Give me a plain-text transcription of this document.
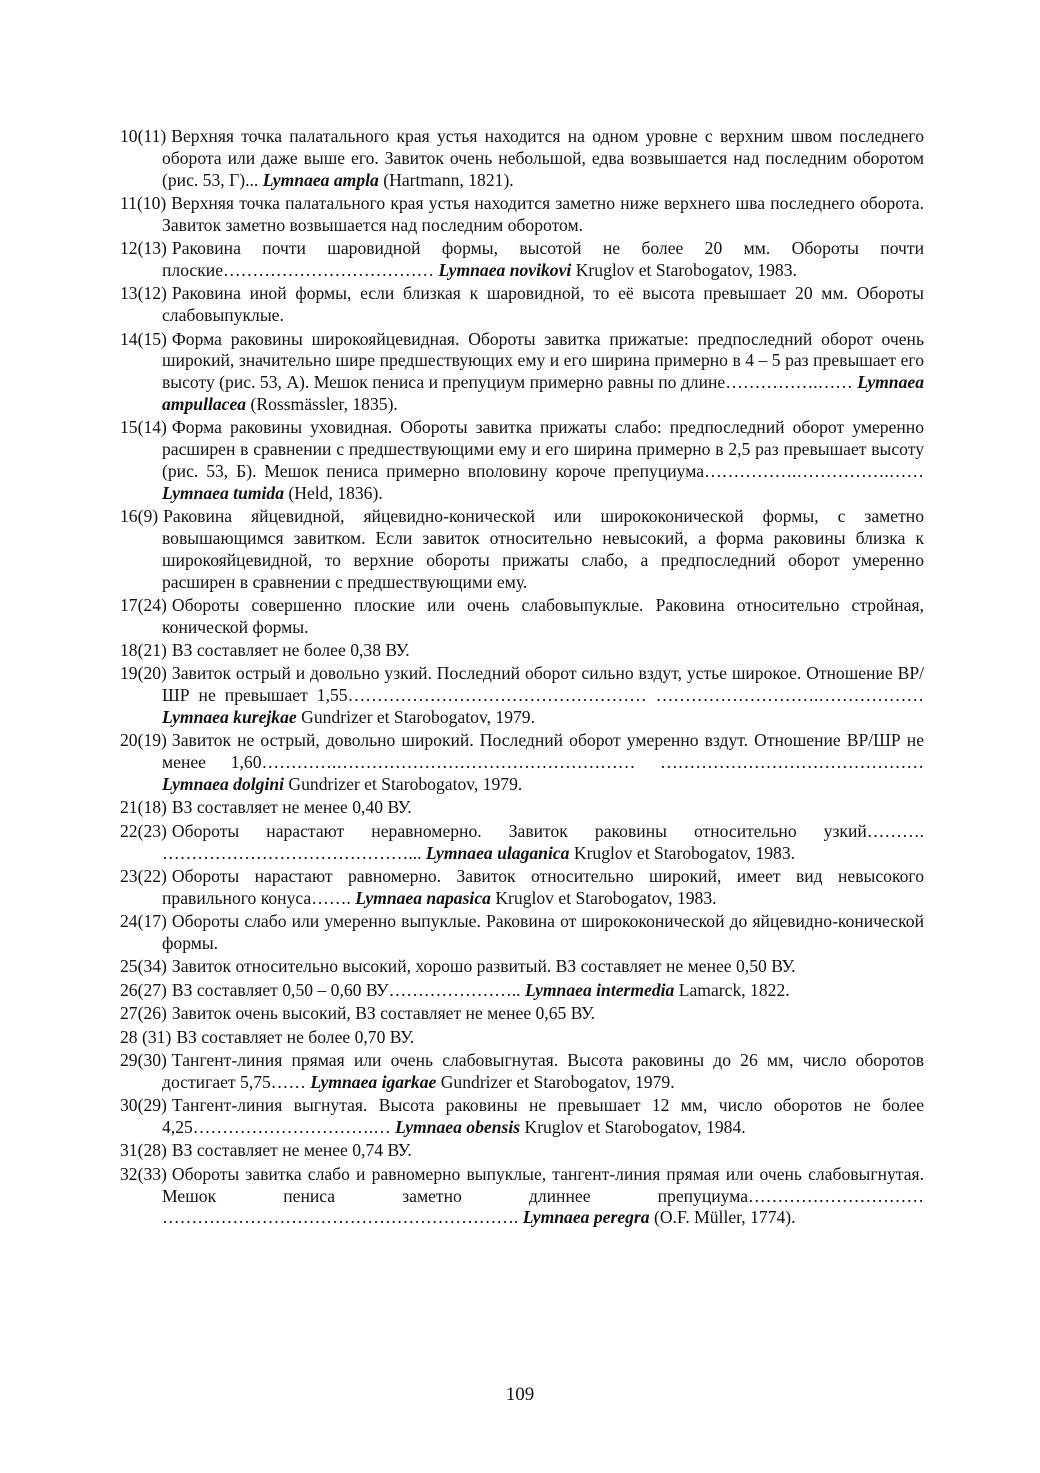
10(11) Верхняя точка палатального края устья находится на одном уровне с верхним швом последнего оборота или даже выше его. Завиток очень небольшой, едва возвышается над последним оборотом (рис. 53, Г)... Lymnaea ampla (Hartmann, 1821).

11(10) Верхняя точка палатального края устья находится заметно ниже верхнего шва последнего оборота. Завиток заметно возвышается над последним оборотом.

12(13) Раковина почти шаровидной формы, высотой не более 20 мм. Обороты почти плоские……………………………… Lymnaea novikovi Kruglov et Starobogatov, 1983.

13(12) Раковина иной формы, если близкая к шаровидной, то её высота превышает 20 мм. Обороты слабовыпуклые.

14(15) Форма раковины широкояйцевидная. Обороты завитка прижатые: предпоследний оборот очень широкий, значительно шире предшествующих ему и его ширина примерно в 4 – 5 раз превышает его высоту (рис. 53, А). Мешок пениса и препуциум примерно равны по длине…………….…… Lymnaea ampullacea (Rossmässler, 1835).

15(14) Форма раковины уховидная. Обороты завитка прижаты слабо: предпоследний оборот умеренно расширен в сравнении с предшествующими ему и его ширина примерно в 2,5 раз превышает высоту (рис. 53, Б). Мешок пениса примерно вполовину короче препуциума…………….…………….…… Lymnaea tumida (Held, 1836).

16(9) Раковина яйцевидной, яйцевидно-конической или ширококонической формы, с заметно вовышающимся завитком. Если завиток относительно невысокий, а форма раковины близка к широкояйцевидной, то верхние обороты прижаты слабо, а предпоследний оборот умеренно расширен в сравнении с предшествующими ему.

17(24) Обороты совершенно плоские или очень слабовыпуклые. Раковина относительно стройная, конической формы.

18(21) ВЗ составляет не более 0,38 ВУ.

19(20) Завиток острый и довольно узкий. Последний оборот сильно вздут, устье широкое. Отношение ВР/ШР не превышает 1,55…………………………………………… ……………………….……………… Lymnaea kurejkae Gundrizer et Starobogatov, 1979.

20(19) Завиток не острый, довольно широкий. Последний оборот умеренно вздут. Отношение ВР/ШР не менее 1,60………….…………………………………………… ……………………………………… Lymnaea dolgini Gundrizer et Starobogatov, 1979.

21(18) ВЗ составляет не менее 0,40 ВУ.

22(23) Обороты нарастают неравномерно. Завиток раковины относительно узкий………. ……………………………………... Lymnaea ulaganica Kruglov et Starobogatov, 1983.

23(22) Обороты нарастают равномерно. Завиток относительно широкий, имеет вид невысокого правильного конуса……. Lymnaea napasica Kruglov et Starobogatov, 1983.

24(17) Обороты слабо или умеренно выпуклые. Раковина от ширококонической до яйцевидно-конической формы.

25(34) Завиток относительно высокий, хорошо развитый. ВЗ составляет не менее 0,50 ВУ.

26(27) ВЗ составляет 0,50 – 0,60 ВУ………………….. Lymnaea intermedia Lamarck, 1822.

27(26) Завиток очень высокий, ВЗ составляет не менее 0,65 ВУ.

28 (31) ВЗ составляет не более 0,70 ВУ.

29(30) Тангент-линия прямая или очень слабовыгнутая. Высота раковины до 26 мм, число оборотов достигает 5,75…… Lymnaea igarkae Gundrizer et Starobogatov, 1979.

30(29) Тангент-линия выгнутая. Высота раковины не превышает 12 мм, число оборотов не более 4,25………………………….… Lymnaea obensis Kruglov et Starobogatov, 1984.

31(28) ВЗ составляет не менее 0,74 ВУ.

32(33) Обороты завитка слабо и равномерно выпуклые, тангент-линия прямая или очень слабовыгнутая. Мешок пениса заметно длиннее препуциума………………………… ……………………………………………………. Lymnaea peregra (O.F. Müller, 1774).

109
